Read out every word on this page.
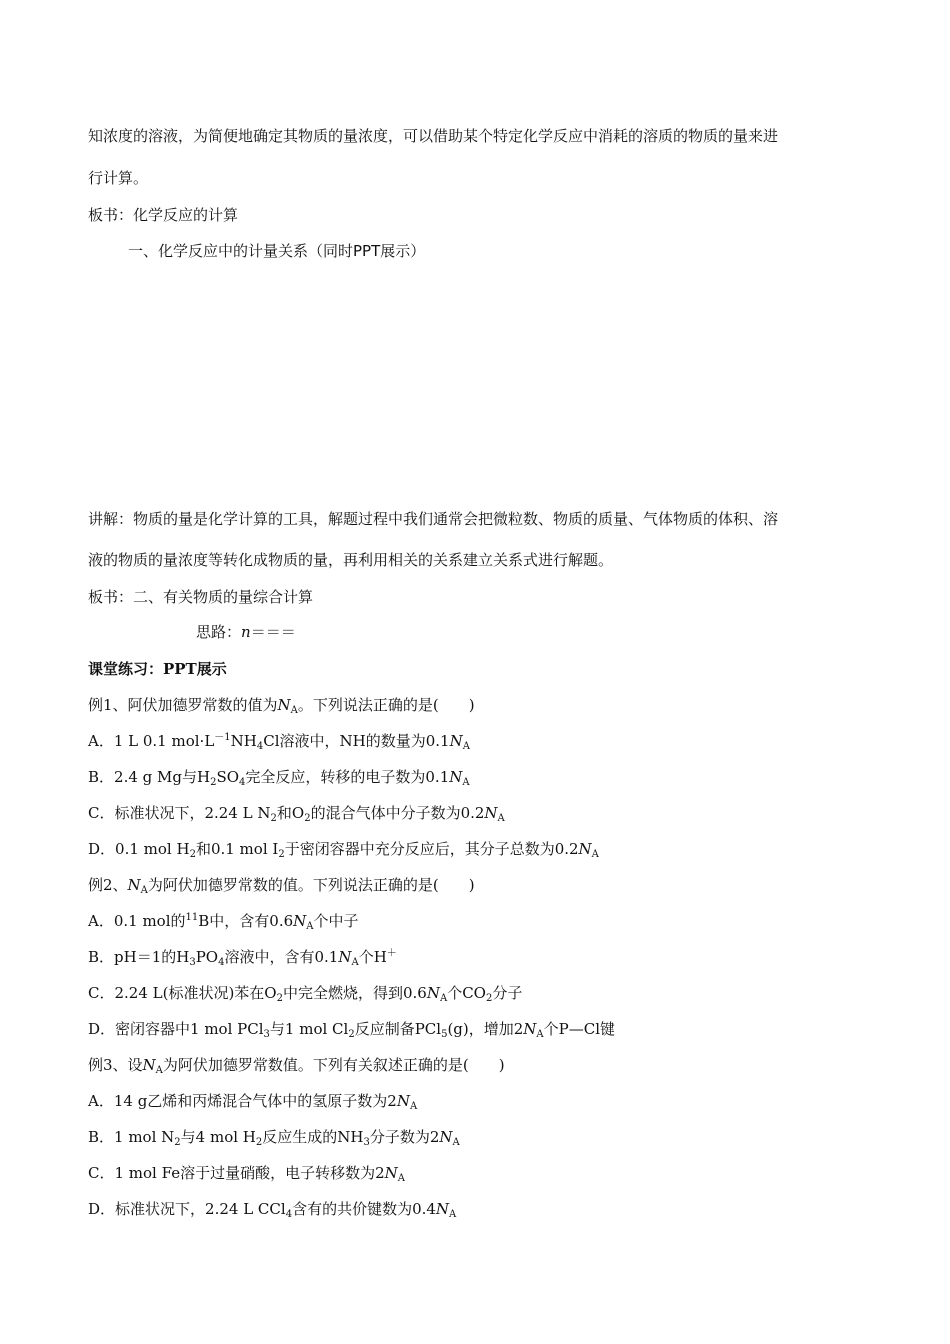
知浓度的溶液，为简便地确定其物质的量浓度，可以借助某个特定化学反应中消耗的溶质的物质的量来进
行计算。
板书：化学反应的计算
一、化学反应中的计量关系（同时PPT展示）
讲解：物质的量是化学计算的工具，解题过程中我们通常会把微粒数、物质的质量、气体物质的体积、溶
液的物质的量浓度等转化成物质的量，再利用相关的关系建立关系式进行解题。
板书：二、有关物质的量综合计算
思路：n＝＝＝
课堂练习：PPT展示
例1、阿伏加德罗常数的值为$N_A$。下列说法正确的是(　　)
A．1 L 0.1 $mol\cdot L^{-1}NH_4Cl$溶液中，NH的数量为$0.1N_A$
B．2.4 g Mg与$H_2SO_4$完全反应，转移的电子数为$0.1N_A$
C．标准状况下，2.24 L $N_2$和$O_2$的混合气体中分子数为$0.2N_A$
D．0.1 mol $H_2$和0.1 mol $I_2$于密闭容器中充分反应后，其分子总数为$0.2N_A$
例2、$N_A$为阿伏加德罗常数的值。下列说法正确的是(　　)
A．0.1 mol的$^{11}$B中，含有$0.6N_A$个中子
B．pH＝1的$H_3PO_4$溶液中，含有$0.1N_A$个H＋
C．2.24 L(标准状况)苯在$O_2$中完全燃烧，得到$0.6N_A$个$CO_2$分子
D．密闭容器中1 mol PCl$_3$与1 mol $Cl_2$反应制备PCl$_5$(g)，增加$2N_A$个P—Cl键
例3、设$N_A$为阿伏加德罗常数值。下列有关叙述正确的是(　　)
A．14 g乙烯和丙烯混合气体中的氢原子数为$2N_A$
B．1 mol $N_2$与4 mol $H_2$反应生成的$NH_3$分子数为$2N_A$
C．1 mol Fe溶于过量硝酸，电子转移数为$2N_A$
D．标准状况下，2.24 L CCl$_4$含有的共价键数为$0.4N_A$
